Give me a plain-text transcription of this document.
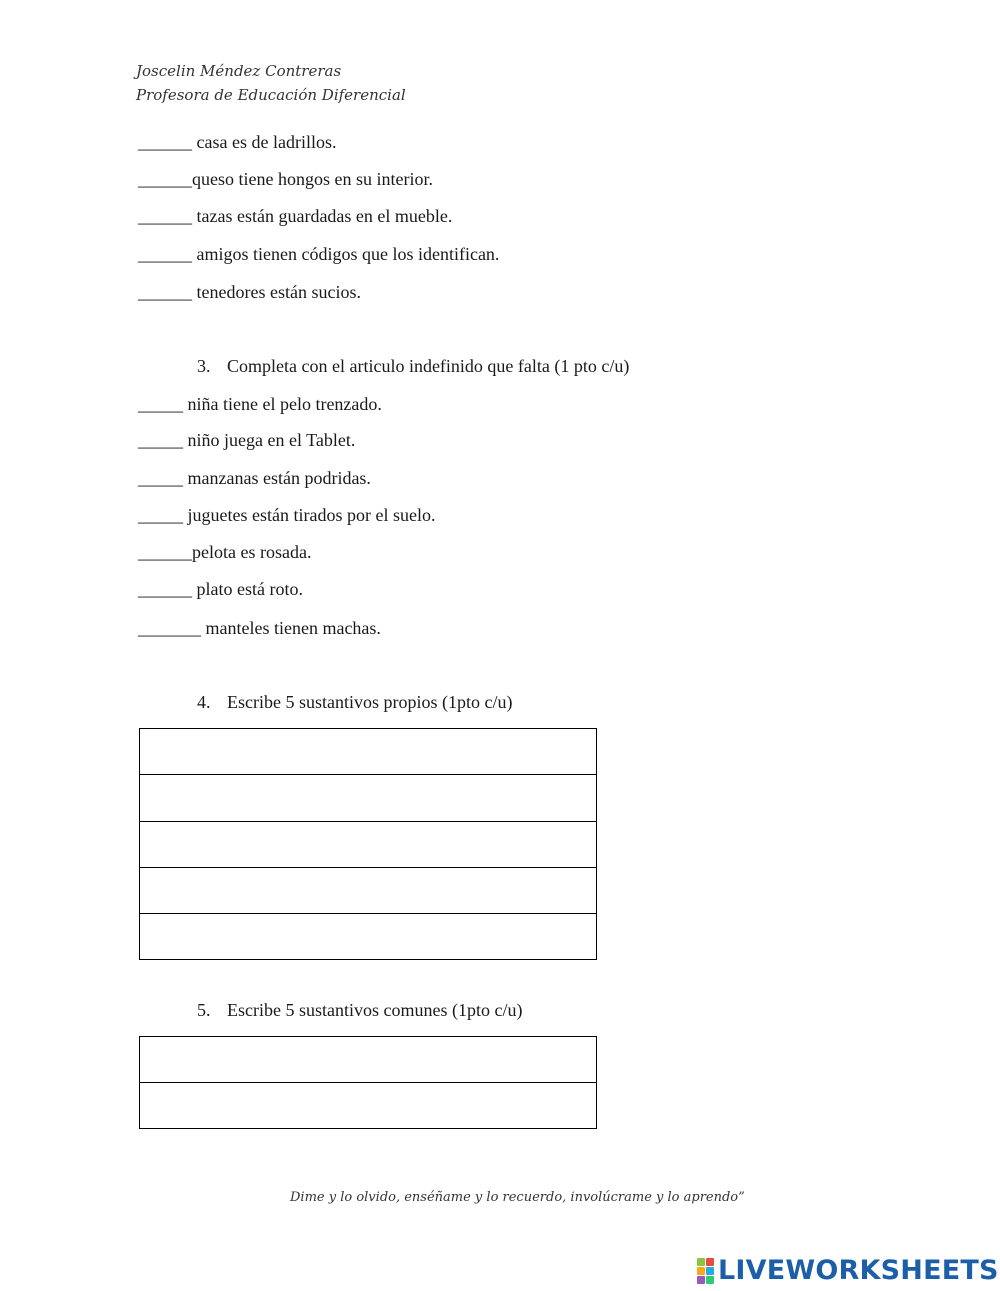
Joscelin Méndez Contreras
Profesora de Educación Diferencial
______ casa es de ladrillos.
______queso tiene hongos en su interior.
______ tazas están guardadas en el mueble.
______ amigos tienen códigos que los identifican.
______ tenedores están sucios.
3. Completa con el articulo indefinido que falta (1 pto c/u)
_____ niña tiene el pelo trenzado.
_____ niño juega en el Tablet.
_____ manzanas están podridas.
_____ juguetes están tirados por el suelo.
______pelota es rosada.
______ plato está roto.
_______ manteles tienen machas.
4. Escribe 5 sustantivos propios (1pto c/u)
5. Escribe 5 sustantivos comunes (1pto c/u)
Dime y lo olvido, enséñame y lo recuerdo, involúcrame y lo aprendo”
LIVEWORKSHEETS
